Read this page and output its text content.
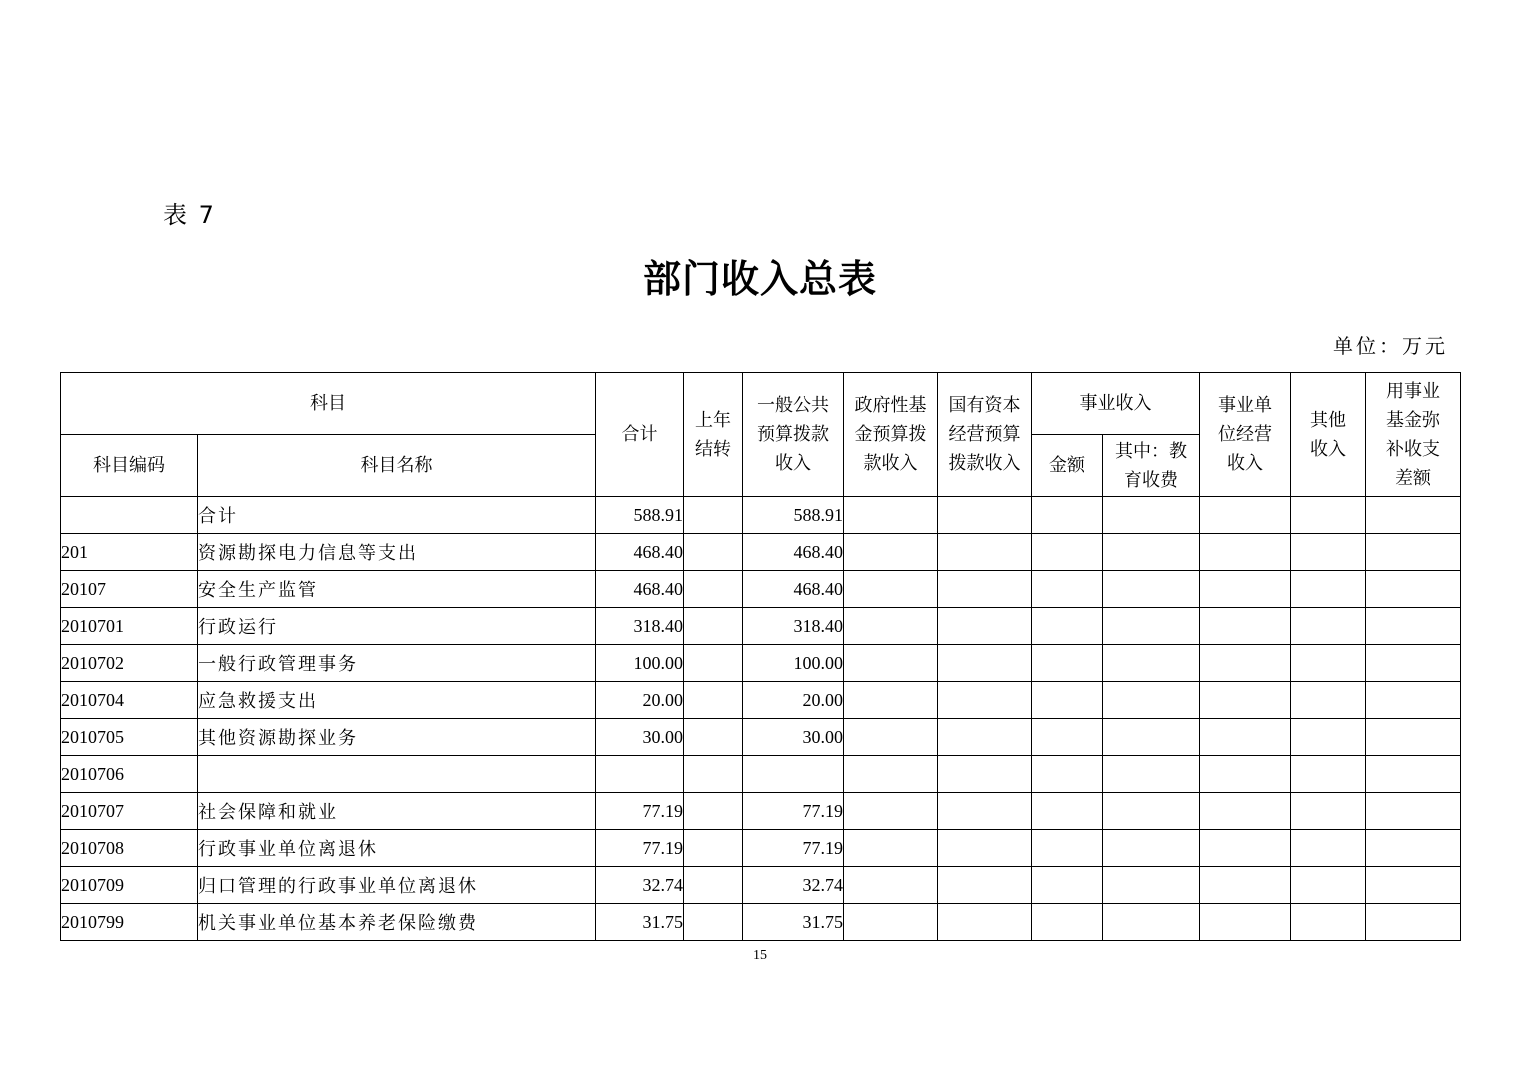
表 7
部门收入总表
单位：万元
科目		合计	上年结转	一般公共预算拨款收入	政府性基金预算拨款收入	国有资本经营预算拨款收入	事业收入		事业单位经营收入	其他收入	用事业基金弥补收支差额
科目编码	科目名称						金额	其中：教育收费			
	合计	588.91		588.91							
201	资源勘探电力信息等支出	468.40		468.40							
20107	安全生产监管	468.40		468.40							
2010701	行政运行	318.40		318.40							
2010702	一般行政管理事务	100.00		100.00							
2010704	应急救援支出	20.00		20.00							
2010705	其他资源勘探业务	30.00		30.00							
2010706											
2010707	社会保障和就业	77.19		77.19							
2010708	行政事业单位离退休	77.19		77.19							
2010709	归口管理的行政事业单位离退休	32.74		32.74							
2010799	机关事业单位基本养老保险缴费	31.75		31.75							
15
